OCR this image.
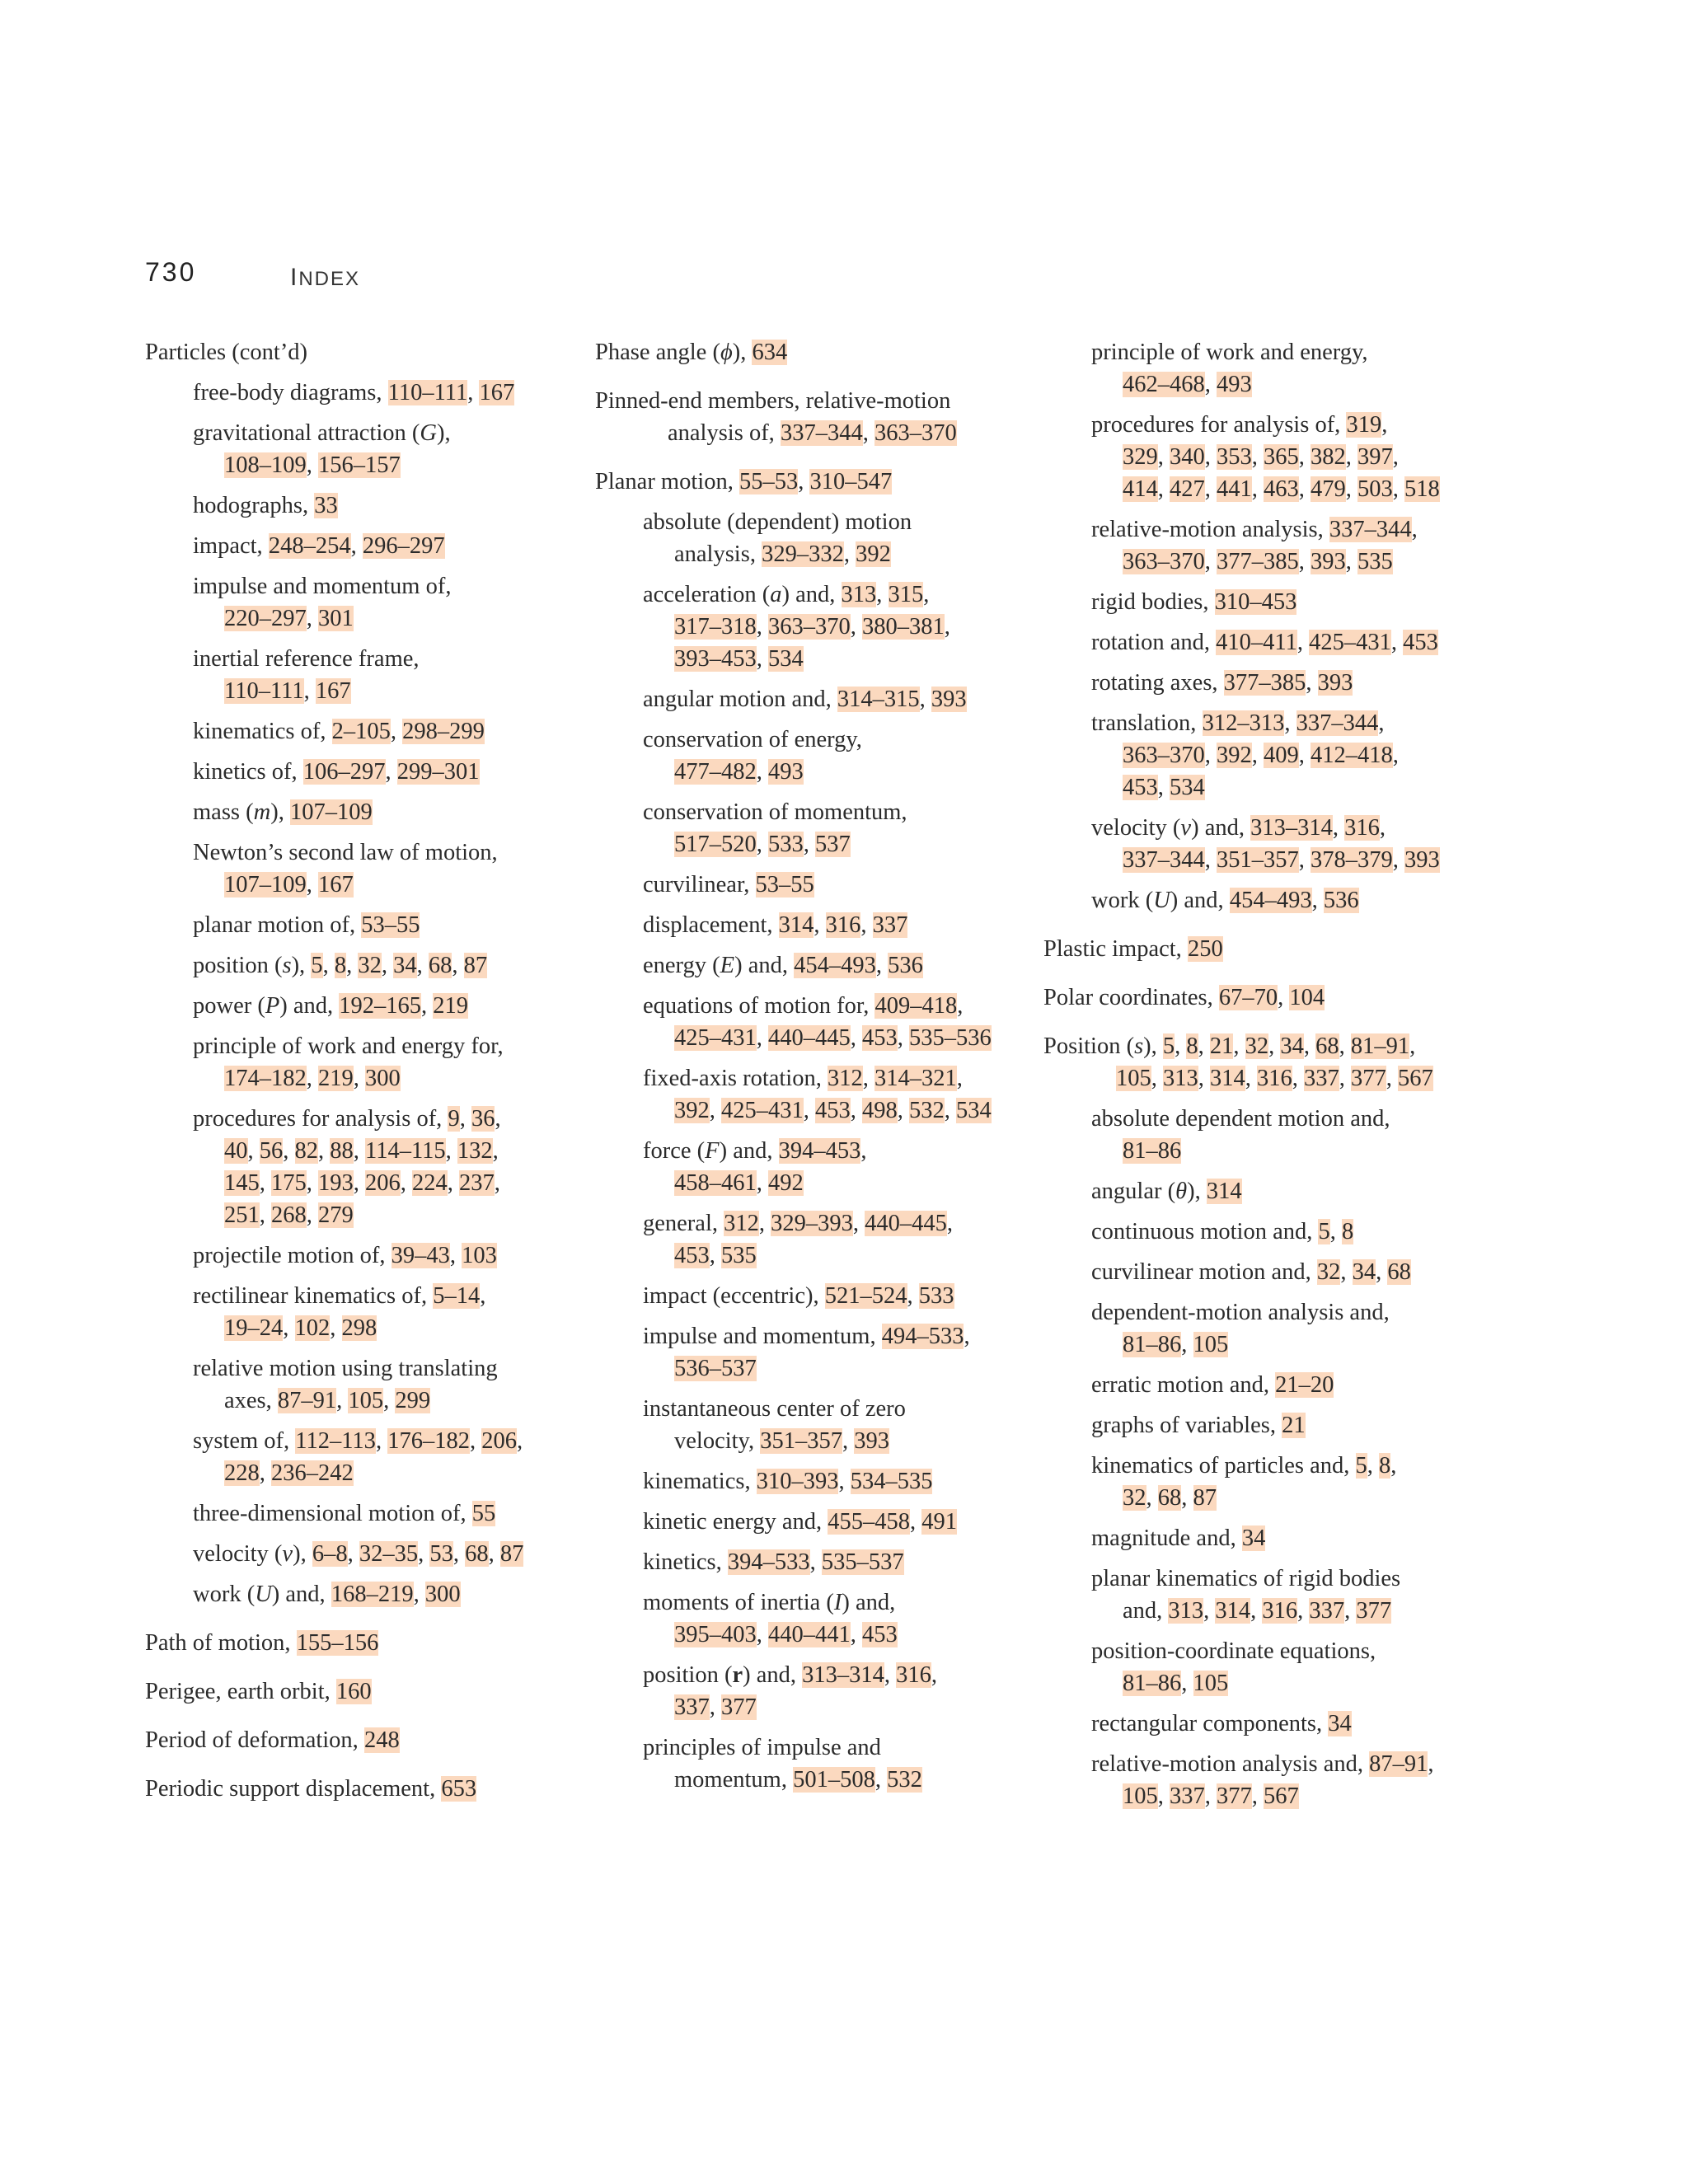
730	INDEX
Particles (cont’d)
free-body diagrams, 110–111, 167
gravitational attraction (G),
108–109, 156–157
hodographs, 33
impact, 248–254, 296–297
impulse and momentum of,
220–297, 301
inertial reference frame,
110–111, 167
kinematics of, 2–105, 298–299
kinetics of, 106–297, 299–301
mass (m), 107–109
Newton’s second law of motion,
107–109, 167
planar motion of, 53–55
position (s), 5, 8, 32, 34, 68, 87
power (P) and, 192–165, 219
principle of work and energy for,
174–182, 219, 300
procedures for analysis of, 9, 36,
40, 56, 82, 88, 114–115, 132,
145, 175, 193, 206, 224, 237,
251, 268, 279
projectile motion of, 39–43, 103
rectilinear kinematics of, 5–14,
19–24, 102, 298
relative motion using translating
axes, 87–91, 105, 299
system of, 112–113, 176–182, 206,
228, 236–242
three-dimensional motion of, 55
velocity (v), 6–8, 32–35, 53, 68, 87
work (U) and, 168–219, 300
Path of motion, 155–156
Perigee, earth orbit, 160
Period of deformation, 248
Periodic support displacement, 653
Phase angle (ϕ), 634
Pinned-end members, relative-motion
analysis of, 337–344, 363–370
Planar motion, 55–53, 310–547
absolute (dependent) motion
analysis, 329–332, 392
acceleration (a) and, 313, 315,
317–318, 363–370, 380–381,
393–453, 534
angular motion and, 314–315, 393
conservation of energy,
477–482, 493
conservation of momentum,
517–520, 533, 537
curvilinear, 53–55
displacement, 314, 316, 337
energy (E) and, 454–493, 536
equations of motion for, 409–418,
425–431, 440–445, 453, 535–536
fixed-axis rotation, 312, 314–321,
392, 425–431, 453, 498, 532, 534
force (F) and, 394–453,
458–461, 492
general, 312, 329–393, 440–445,
453, 535
impact (eccentric), 521–524, 533
impulse and momentum, 494–533,
536–537
instantaneous center of zero
velocity, 351–357, 393
kinematics, 310–393, 534–535
kinetic energy and, 455–458, 491
kinetics, 394–533, 535–537
moments of inertia (I) and,
395–403, 440–441, 453
position (r) and, 313–314, 316,
337, 377
principles of impulse and
momentum, 501–508, 532
principle of work and energy,
462–468, 493
procedures for analysis of, 319,
329, 340, 353, 365, 382, 397,
414, 427, 441, 463, 479, 503, 518
relative-motion analysis, 337–344,
363–370, 377–385, 393, 535
rigid bodies, 310–453
rotation and, 410–411, 425–431, 453
rotating axes, 377–385, 393
translation, 312–313, 337–344,
363–370, 392, 409, 412–418,
453, 534
velocity (v) and, 313–314, 316,
337–344, 351–357, 378–379, 393
work (U) and, 454–493, 536
Plastic impact, 250
Polar coordinates, 67–70, 104
Position (s), 5, 8, 21, 32, 34, 68, 81–91,
105, 313, 314, 316, 337, 377, 567
absolute dependent motion and,
81–86
angular (θ), 314
continuous motion and, 5, 8
curvilinear motion and, 32, 34, 68
dependent-motion analysis and,
81–86, 105
erratic motion and, 21–20
graphs of variables, 21
kinematics of particles and, 5, 8,
32, 68, 87
magnitude and, 34
planar kinematics of rigid bodies
and, 313, 314, 316, 337, 377
position-coordinate equations,
81–86, 105
rectangular components, 34
relative-motion analysis and, 87–91,
105, 337, 377, 567
